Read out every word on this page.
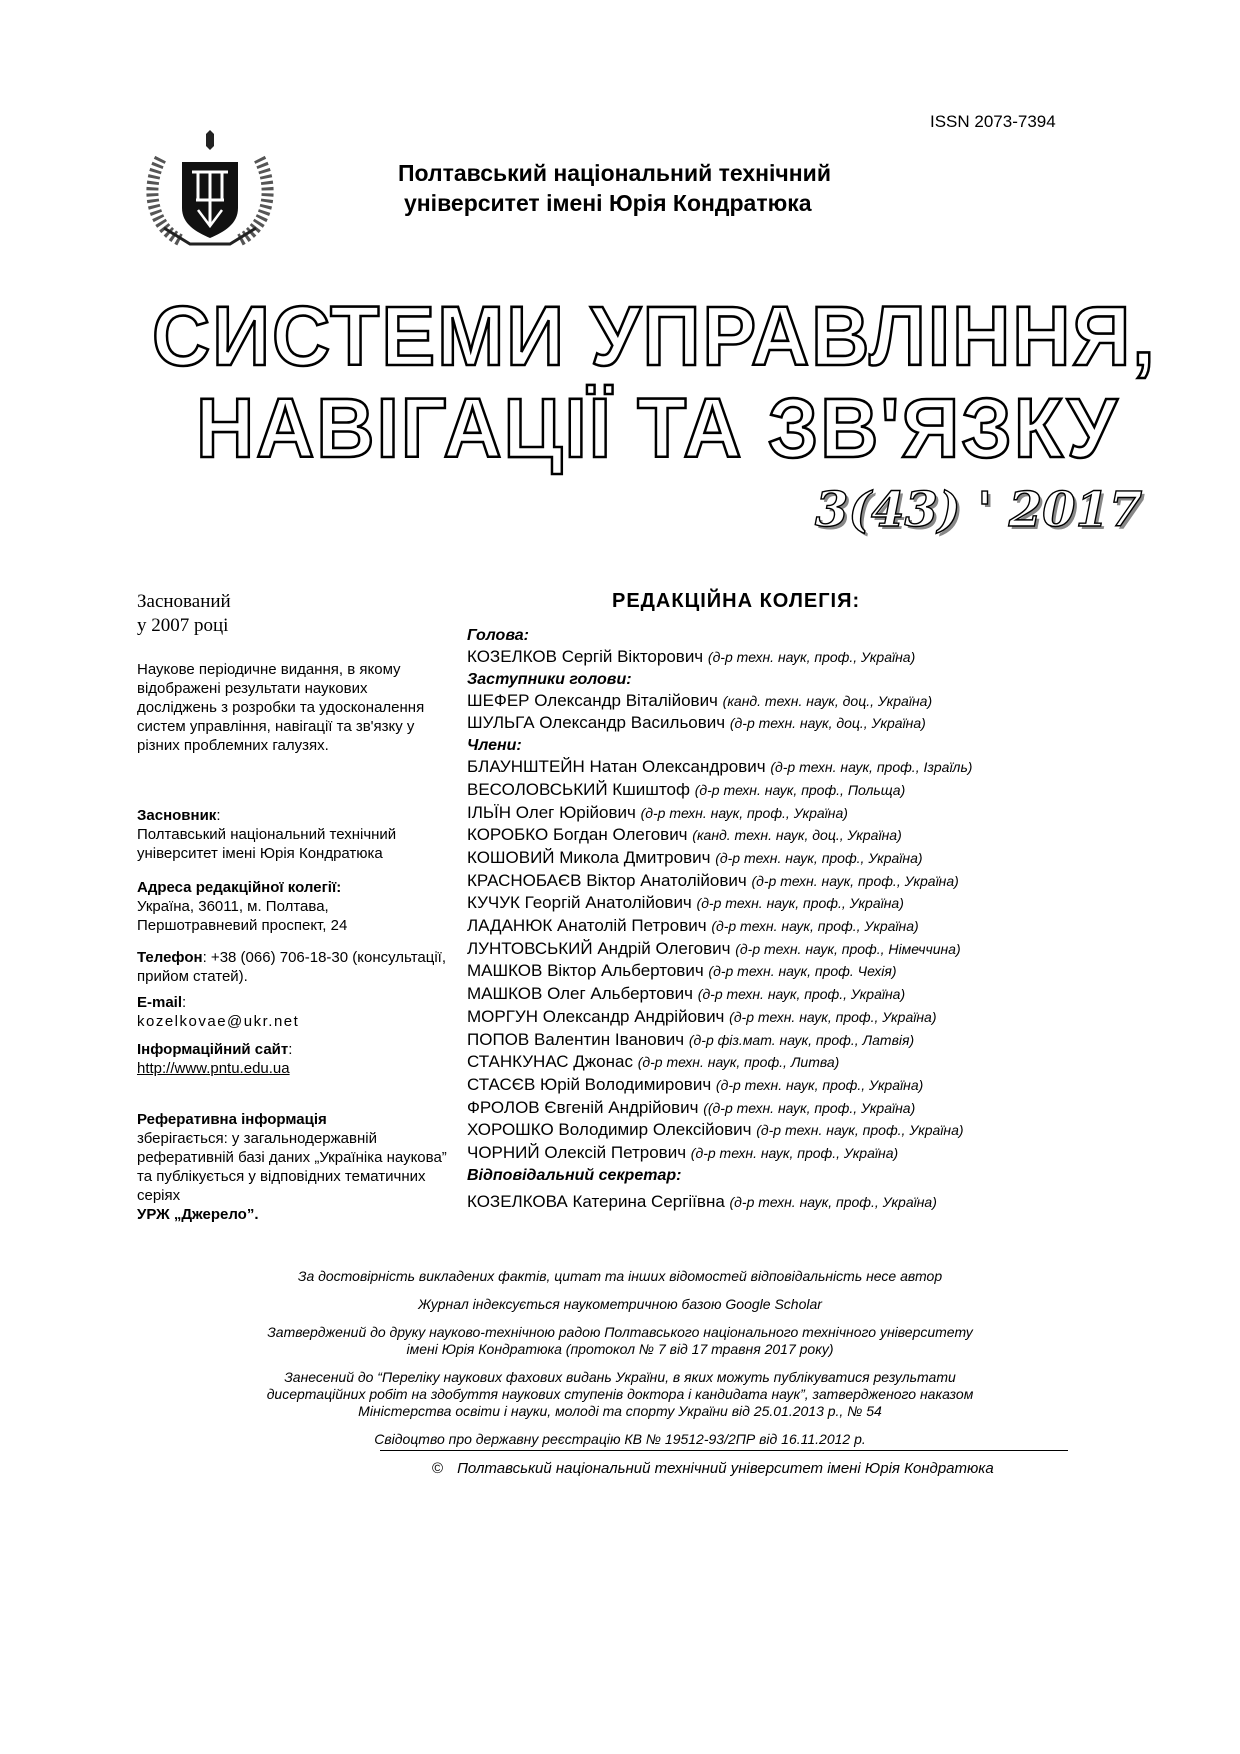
ISSN 2073-7394
Полтавський національний технічний
університет імені Юрія Кондратюка
СИСТЕМИ УПРАВЛІННЯ,
НАВІГАЦІЇ ТА ЗВ'ЯЗКУ
3(43) ' 2017
Заснований
у 2007 році
Наукове періодичне видання, в якому відображені результати наукових досліджень з розробки та удосконалення систем управління, навігації та зв'язку у різних проблемних галузях.
Засновник:
Полтавський національний технічний університет імені Юрія Кондратюка
Адреса редакційної колегії:
Україна, 36011, м. Полтава, Першотравневий проспект, 24
Телефон: +38 (066) 706-18-30 (консультації, прийом статей).
E-mail:
kozelkovae@ukr.net
Інформаційний сайт:
http://www.pntu.edu.ua
Реферативна інформація
зберігається: у загальнодержавній реферативній базі даних „Україніка наукова” та публікується у відповідних тематичних серіях
УРЖ „Джерело”.
РЕДАКЦІЙНА КОЛЕГІЯ:
Голова:
КОЗЕЛКОВ Сергій Вікторович (д-р техн. наук, проф., Україна)
Заступники голови:
ШЕФЕР Олександр Віталійович (канд. техн. наук, доц., Україна)
ШУЛЬГА Олександр Васильович (д-р техн. наук, доц., Україна)
Члени:
БЛАУНШТЕЙН Натан Олександрович (д-р техн. наук, проф., Ізраїль)
ВЕСОЛОВСЬКИЙ Кшиштоф (д-р техн. наук, проф., Польща)
ІЛЬЇН Олег Юрійович (д-р техн. наук, проф., Україна)
КОРОБКО Богдан Олегович (канд. техн. наук, доц., Україна)
КОШОВИЙ Микола Дмитрович (д-р техн. наук, проф., Україна)
КРАСНОБАЄВ Віктор Анатолійович (д-р техн. наук, проф., Україна)
КУЧУК Георгій Анатолійович (д-р техн. наук, проф., Україна)
ЛАДАНЮК Анатолій Петрович (д-р техн. наук, проф., Україна)
ЛУНТОВСЬКИЙ Андрій Олегович (д-р техн. наук, проф., Німеччина)
МАШКОВ Віктор Альбертович (д-р техн. наук, проф. Чехія)
МАШКОВ Олег Альбертович (д-р техн. наук, проф., Україна)
МОРГУН Олександр Андрійович (д-р техн. наук, проф., Україна)
ПОПОВ Валентин Іванович (д-р фіз.мат. наук, проф., Латвія)
СТАНКУНАС Джонас (д-р техн. наук, проф., Литва)
СТАСЄВ Юрій Володимирович (д-р техн. наук, проф., Україна)
ФРОЛОВ Євгеній Андрійович ((д-р техн. наук, проф., Україна)
ХОРОШКО Володимир Олексійович (д-р техн. наук, проф., Україна)
ЧОРНИЙ Олексій Петрович (д-р техн. наук, проф., Україна)
Відповідальний секретар:
КОЗЕЛКОВА Катерина Сергіївна (д-р техн. наук, проф., Україна)

За достовірність викладених фактів, цитат та інших відомостей відповідальність несе автор

Журнал індексується наукометричною базою Google Scholar

Затверджений до друку науково-технічною радою Полтавського національного технічного університету
імені Юрія Кондратюка (протокол № 7 від 17 травня 2017 року)

Занесений до “Переліку наукових фахових видань України, в яких можуть публікуватися результати
дисертаційних робіт на здобуття наукових ступенів доктора і кандидата наук”, затвердженого наказом
Міністерства освіти і науки, молоді та спорту України від 25.01.2013 р., № 54

Свідоцтво про державну реєстрацію КВ № 19512-93/2ПР від 16.11.2012 р.

© Полтавський національний технічний університет імені Юрія Кондратюка
